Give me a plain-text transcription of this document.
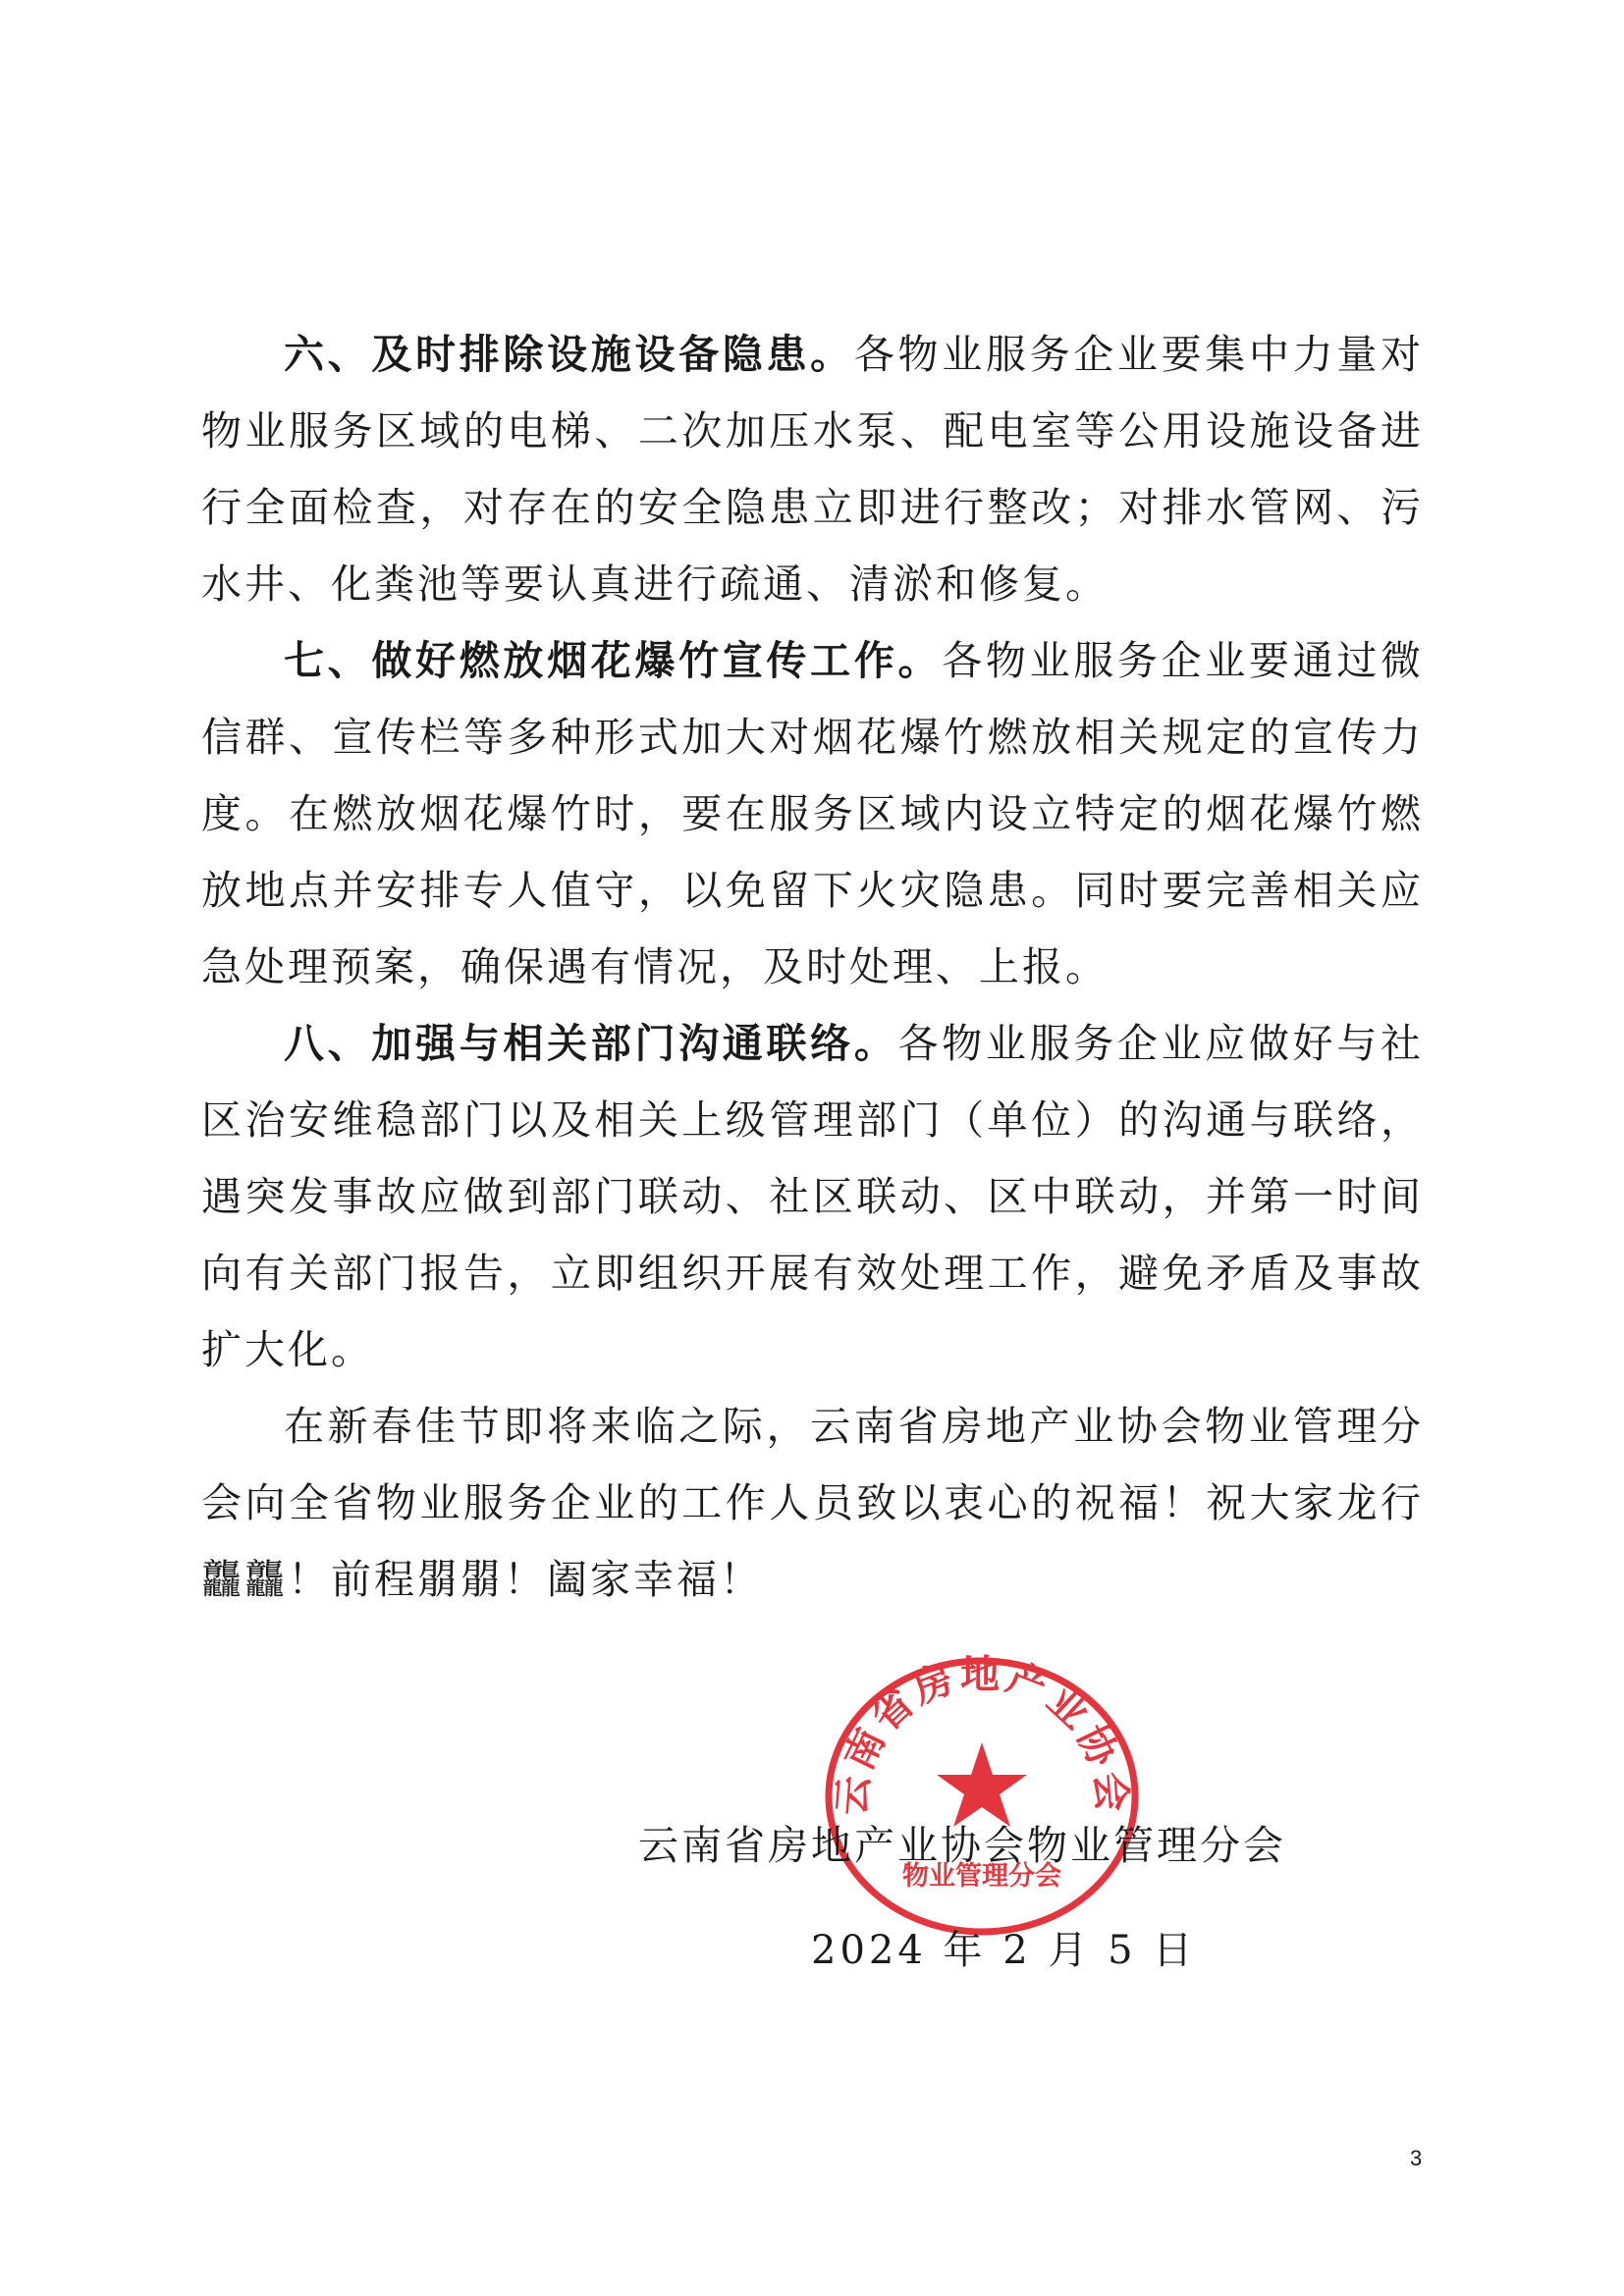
六、及时排除设施设备隐患。各物业服务企业要集中力量对物业服务区域的电梯、二次加压水泵、配电室等公用设施设备进行全面检查，对存在的安全隐患立即进行整改；对排水管网、污水井、化粪池等要认真进行疏通、清淤和修复。

七、做好燃放烟花爆竹宣传工作。各物业服务企业要通过微信群、宣传栏等多种形式加大对烟花爆竹燃放相关规定的宣传力度。在燃放烟花爆竹时，要在服务区域内设立特定的烟花爆竹燃放地点并安排专人值守，以免留下火灾隐患。同时要完善相关应急处理预案，确保遇有情况，及时处理、上报。

八、加强与相关部门沟通联络。各物业服务企业应做好与社区治安维稳部门以及相关上级管理部门（单位）的沟通与联络，遇突发事故应做到部门联动、社区联动、区中联动，并第一时间向有关部门报告，立即组织开展有效处理工作，避免矛盾及事故扩大化。

在新春佳节即将来临之际，云南省房地产业协会物业管理分会向全省物业服务企业的工作人员致以衷心的祝福！祝大家龙行龘龘！前程朤朤！阖家幸福！

云南省房地产业协会
物业管理分会
云南省房地产业协会物业管理分会
2024 年 2 月 5 日
3
